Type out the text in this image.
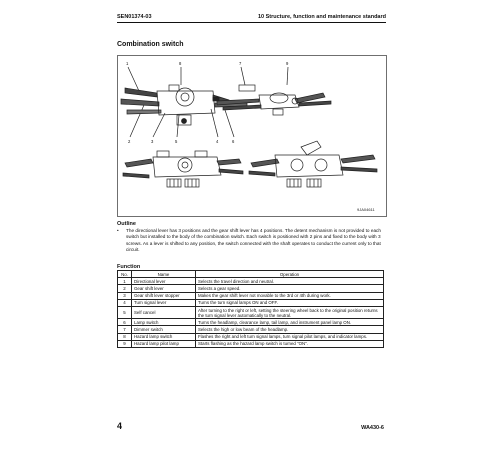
SEN01374-03	10 Structure, function and maintenance standard
Combination switch
1	8
2	3	5	4	6
7	9
9JA04611
Outline
•	The directional lever has 3 positions and the gear shift lever has 4 positions. The detent mechanism is not provided to each switch but installed to the body of the combination switch. Each switch is positioned with 2 pins and fixed to the body with 3 screws. As a lever is shifted to any position, the switch connected with the shaft operates to conduct the current only to that circuit.
Function
No.	Name	Operation
1	Directional lever	Selects the travel direction and neutral.
2	Gear shift lever	Selects a gear speed.
3	Gear shift lever stopper	Makes the gear shift lever not movable to the 3rd or 4th during work.
4	Turn signal lever	Turns the turn signal lamps ON and OFF.
5	Self cancel	After turning to the right or left, setting the steering wheel back to the original position returns the turn signal lever automatically to the neutral.
6	Lamp switch	Turns the headlamp, clearance lamp, tail lamp, and instrument panel lamp ON.
7	Dimmer switch	Selects the high or low beam of the headlamp.
8	Hazard lamp switch	Flashes the right and left turn signal lamps, turn signal pilot lamps, and indicator lamps.
9	Hazard lamp pilot lamp	Starts flashing as the hazard lamp switch is turned "ON".
4	WA430-6
